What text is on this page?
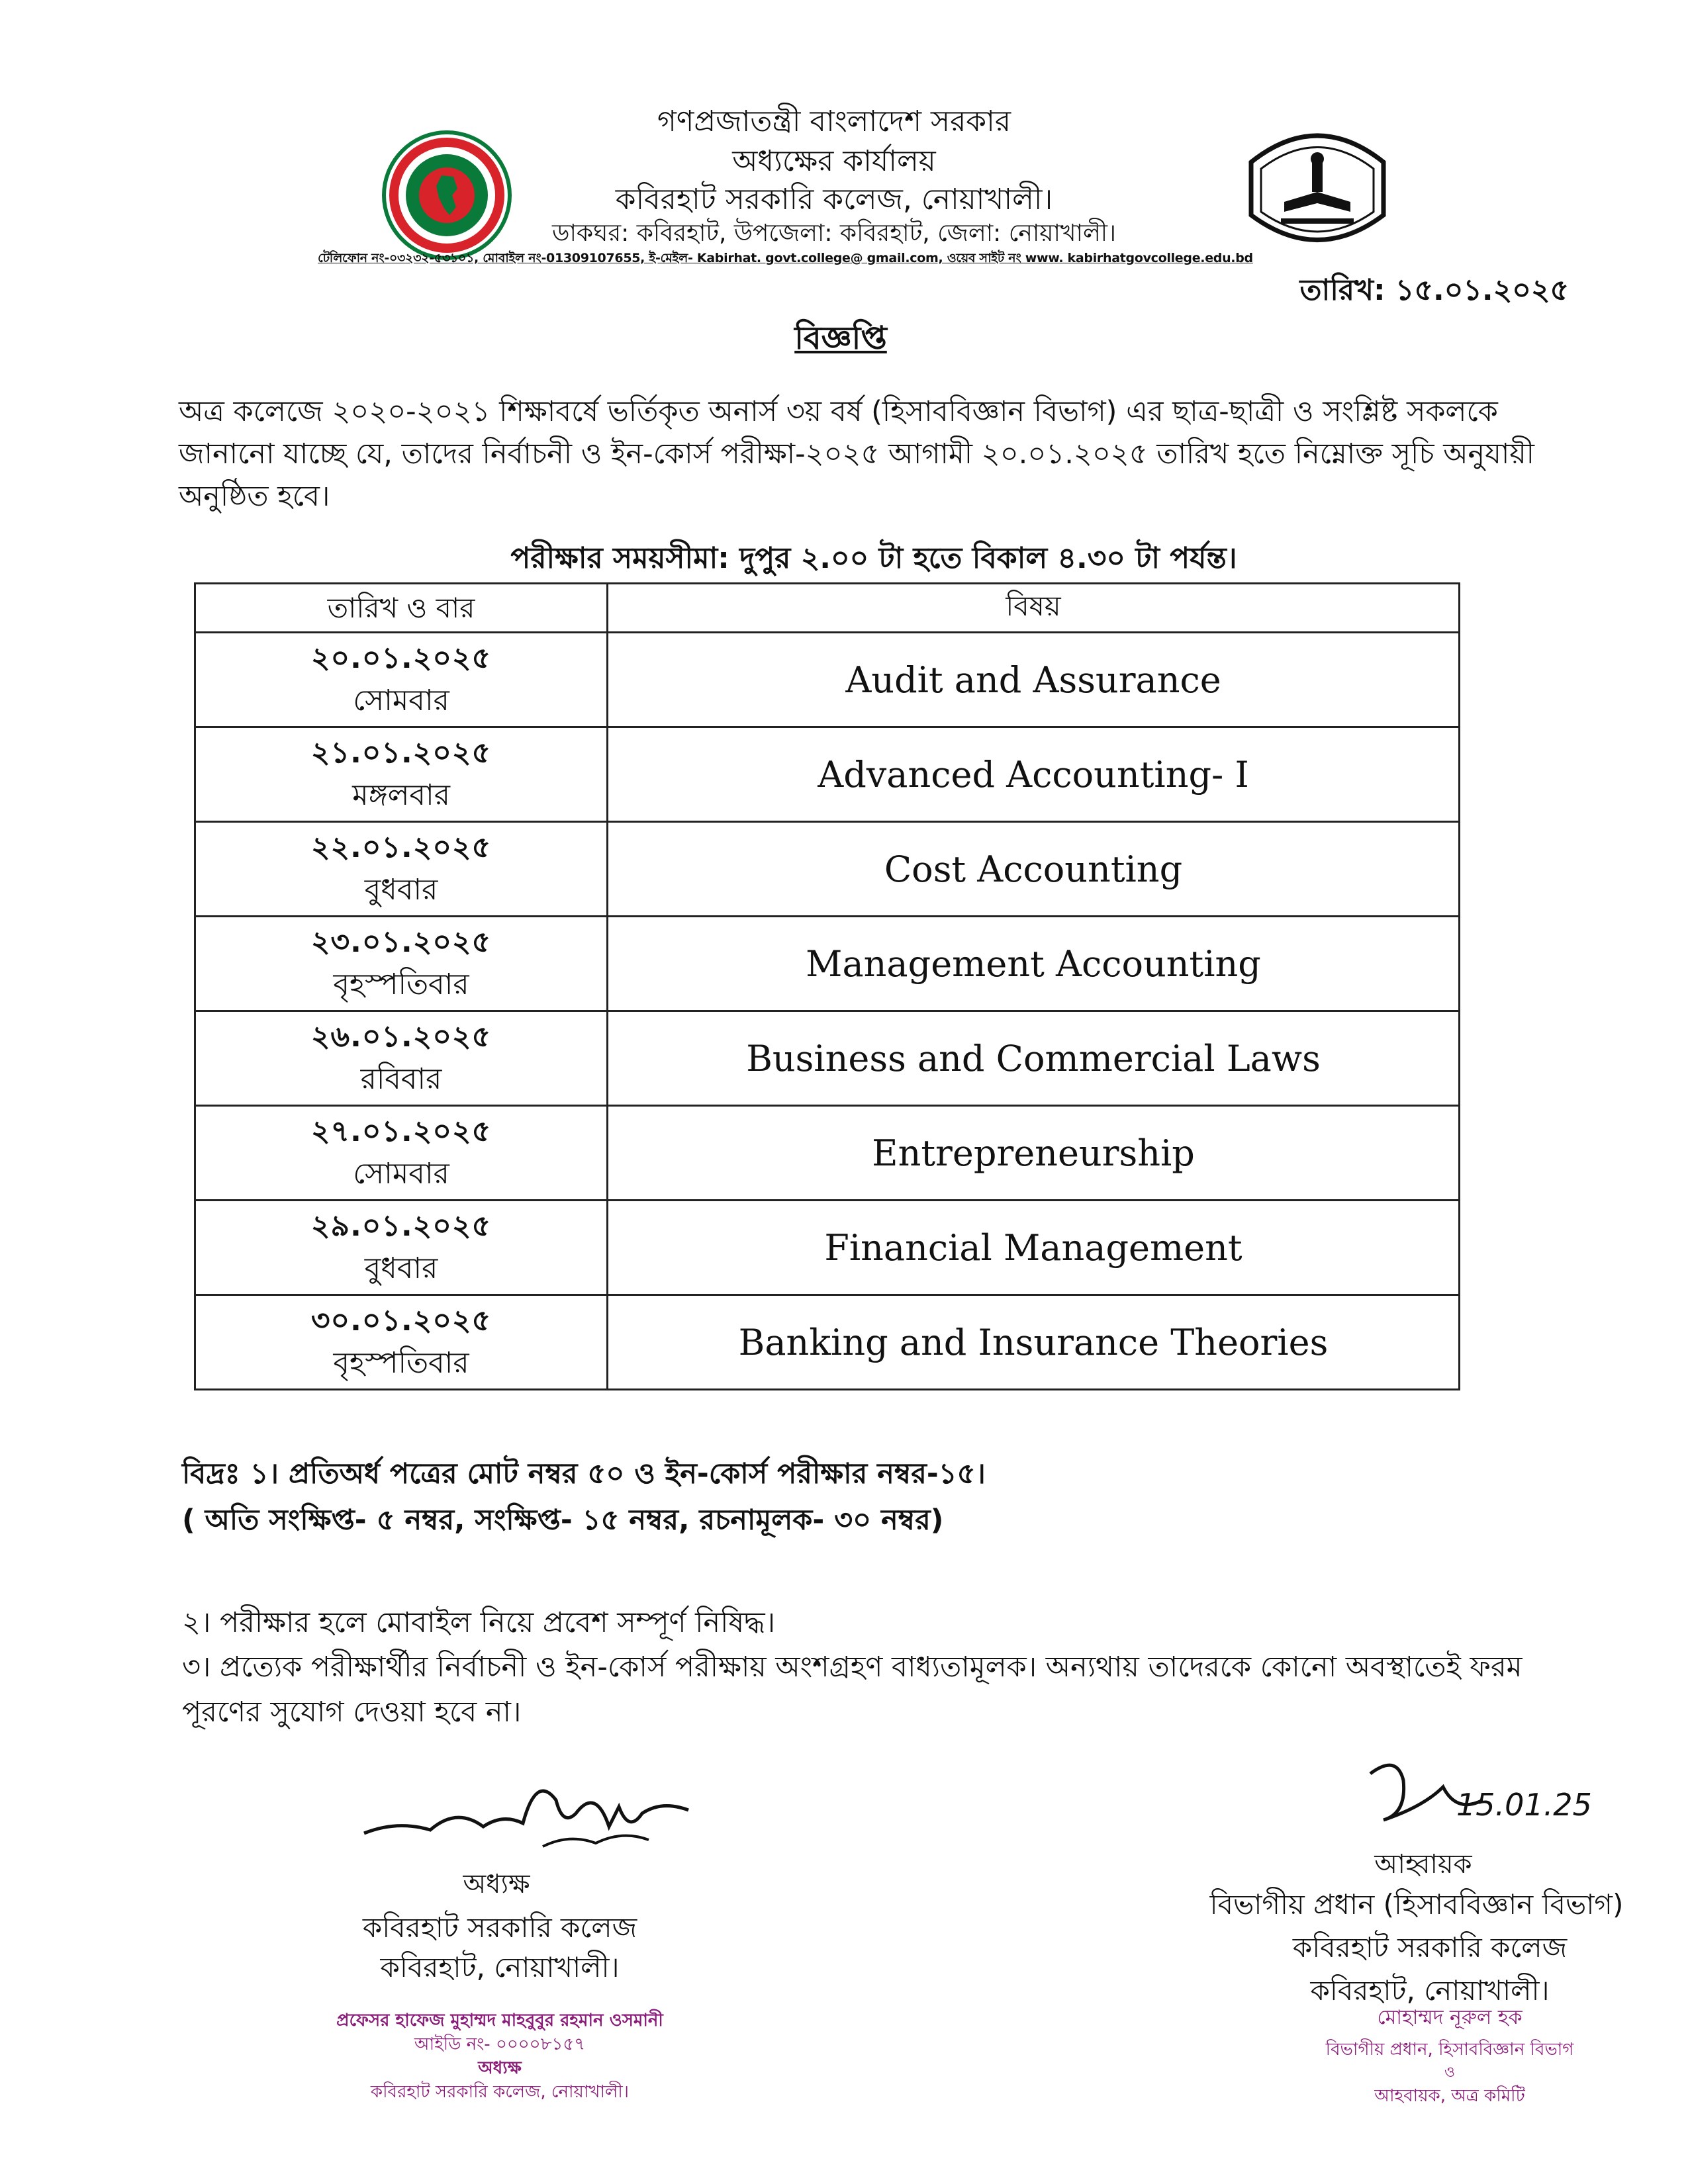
গণপ্রজাতন্ত্রী বাংলাদেশ সরকার
অধ্যক্ষের কার্যালয়
কবিরহাট সরকারি কলেজ, নোয়াখালী।
ডাকঘর: কবিরহাট, উপজেলা: কবিরহাট, জেলা: নোয়াখালী।
টেলিফোন নং-০৩২৩২-৫৩১০১, মোবাইল নং-01309107655, ই-মেইল- Kabirhat. govt.college@ gmail.com, ওয়েব সাইট নং www. kabirhatgovcollege.edu.bd
তারিখ: ১৫.০১.২০২৫
বিজ্ঞপ্তি
অত্র কলেজে ২০২০-২০২১ শিক্ষাবর্ষে ভর্তিকৃত অনার্স ৩য় বর্ষ (হিসাববিজ্ঞান বিভাগ) এর ছাত্র-ছাত্রী ও সংশ্লিষ্ট সকলকে জানানো যাচ্ছে যে, তাদের নির্বাচনী ও ইন-কোর্স পরীক্ষা-২০২৫ আগামী ২০.০১.২০২৫ তারিখ হতে নিম্নোক্ত সূচি অনুযায়ী অনুষ্ঠিত হবে।
পরীক্ষার সময়সীমা: দুপুর ২.০০ টা হতে বিকাল ৪.৩০ টা পর্যন্ত।
তারিখ ও বার	বিষয়

২০.০১.২০২৫
সোমবার	Audit and Assurance

২১.০১.২০২৫
মঙ্গলবার	Advanced Accounting- I

২২.০১.২০২৫
বুধবার	Cost Accounting

২৩.০১.২০২৫
বৃহস্পতিবার	Management Accounting

২৬.০১.২০২৫
রবিবার	Business and Commercial Laws

২৭.০১.২০২৫
সোমবার	Entrepreneurship

২৯.০১.২০২৫
বুধবার	Financial Management

৩০.০১.২০২৫
বৃহস্পতিবার	Banking and Insurance Theories
বিদ্রঃ ১। প্রতিঅর্ধ পত্রের মোট নম্বর ৫০ ও ইন-কোর্স পরীক্ষার নম্বর-১৫।
( অতি সংক্ষিপ্ত- ৫ নম্বর, সংক্ষিপ্ত- ১৫ নম্বর, রচনামূলক- ৩০ নম্বর)
২। পরীক্ষার হলে মোবাইল নিয়ে প্রবেশ সম্পূর্ণ নিষিদ্ধ।
৩। প্রত্যেক পরীক্ষার্থীর নির্বাচনী ও ইন-কোর্স পরীক্ষায় অংশগ্রহণ বাধ্যতামূলক। অন্যথায় তাদেরকে কোনো অবস্থাতেই ফরম পূরণের সুযোগ দেওয়া হবে না।
অধ্যক্ষ
কবিরহাট সরকারি কলেজ
কবিরহাট, নোয়াখালী।
প্রফেসর হাফেজ মুহাম্মদ মাহবুবুর রহমান ওসমানী
আইডি নং- ০০০০৮১৫৭
অধ্যক্ষ
কবিরহাট সরকারি কলেজ, নোয়াখালী।
15.01.25
আহ্বায়ক
বিভাগীয় প্রধান (হিসাববিজ্ঞান বিভাগ)
কবিরহাট সরকারি কলেজ
কবিরহাট, নোয়াখালী।
মোহাম্মদ নূরুল হক
বিভাগীয় প্রধান, হিসাববিজ্ঞান বিভাগ
ও
আহবায়ক, অত্র কমিটি
